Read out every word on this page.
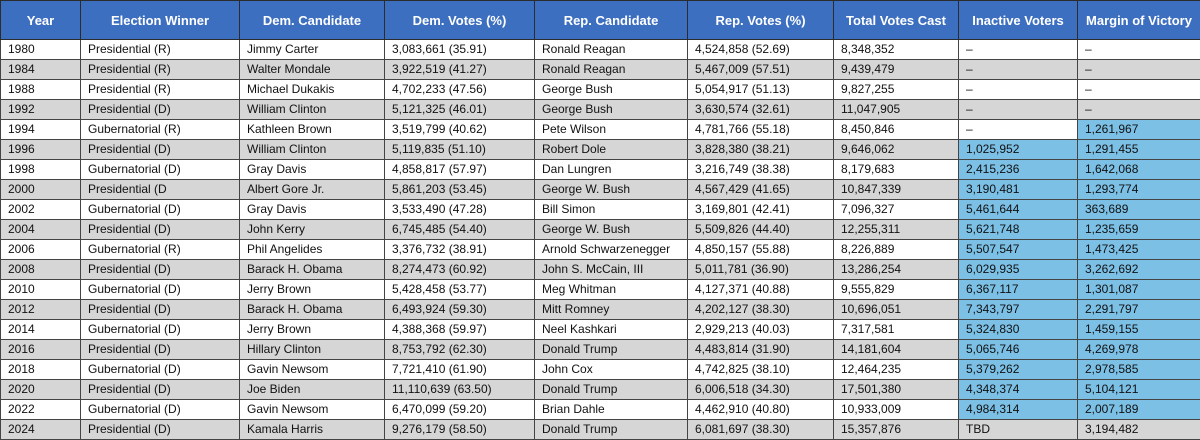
Year	Election Winner	Dem. Candidate	Dem. Votes (%)	Rep. Candidate	Rep. Votes (%)	Total Votes Cast	Inactive Voters	Margin of Victory
1980	Presidential (R)	Jimmy Carter	3,083,661 (35.91)	Ronald Reagan	4,524,858 (52.69)	8,348,352	–	–
1984	Presidential (R)	Walter Mondale	3,922,519 (41.27)	Ronald Reagan	5,467,009 (57.51)	9,439,479	–	–
1988	Presidential (R)	Michael Dukakis	4,702,233 (47.56)	George Bush	5,054,917 (51.13)	9,827,255	–	–
1992	Presidential (D)	William Clinton	5,121,325 (46.01)	George Bush	3,630,574 (32.61)	11,047,905	–	–
1994	Gubernatorial (R)	Kathleen Brown	3,519,799 (40.62)	Pete Wilson	4,781,766 (55.18)	8,450,846	–	1,261,967
1996	Presidential (D)	William Clinton	5,119,835 (51.10)	Robert Dole	3,828,380 (38.21)	9,646,062	1,025,952	1,291,455
1998	Gubernatorial (D)	Gray Davis	4,858,817 (57.97)	Dan Lungren	3,216,749 (38.38)	8,179,683	2,415,236	1,642,068
2000	Presidential (D	Albert Gore Jr.	5,861,203 (53.45)	George W. Bush	4,567,429 (41.65)	10,847,339	3,190,481	1,293,774
2002	Gubernatorial (D)	Gray Davis	3,533,490 (47.28)	Bill Simon	3,169,801 (42.41)	7,096,327	5,461,644	363,689
2004	Presidential (D)	John Kerry	6,745,485 (54.40)	George W. Bush	5,509,826 (44.40)	12,255,311	5,621,748	1,235,659
2006	Gubernatorial (R)	Phil Angelides	3,376,732 (38.91)	Arnold Schwarzenegger	4,850,157 (55.88)	8,226,889	5,507,547	1,473,425
2008	Presidential (D)	Barack H. Obama	8,274,473 (60.92)	John S. McCain, III	5,011,781 (36.90)	13,286,254	6,029,935	3,262,692
2010	Gubernatorial (D)	Jerry Brown	5,428,458 (53.77)	Meg Whitman	4,127,371 (40.88)	9,555,829	6,367,117	1,301,087
2012	Presidential (D)	Barack H. Obama	6,493,924 (59.30)	Mitt Romney	4,202,127 (38.30)	10,696,051	7,343,797	2,291,797
2014	Gubernatorial (D)	Jerry Brown	4,388,368 (59.97)	Neel Kashkari	2,929,213 (40.03)	7,317,581	5,324,830	1,459,155
2016	Presidential (D)	Hillary Clinton	8,753,792 (62.30)	Donald Trump	4,483,814 (31.90)	14,181,604	5,065,746	4,269,978
2018	Gubernatorial (D)	Gavin Newsom	7,721,410 (61.90)	John Cox	4,742,825 (38.10)	12,464,235	5,379,262	2,978,585
2020	Presidential (D)	Joe Biden	11,110,639 (63.50)	Donald Trump	6,006,518 (34.30)	17,501,380	4,348,374	5,104,121
2022	Gubernatorial (D)	Gavin Newsom	6,470,099 (59.20)	Brian Dahle	4,462,910 (40.80)	10,933,009	4,984,314	2,007,189
2024	Presidential (D)	Kamala Harris	9,276,179 (58.50)	Donald Trump	6,081,697 (38.30)	15,357,876	TBD	3,194,482
